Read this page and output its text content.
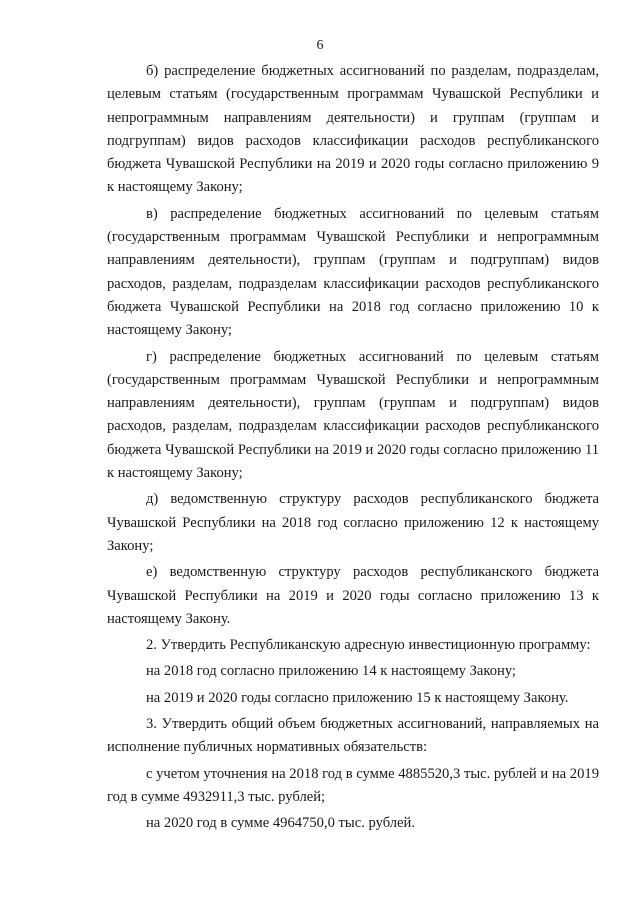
6

б) распределение бюджетных ассигнований по разделам, подразделам, целевым статьям (государственным программам Чувашской Республики и непрограммным направлениям деятельности) и группам (группам и подгруппам) видов расходов классификации расходов республиканского бюджета Чувашской Республики на 2019 и 2020 годы согласно приложению 9 к настоящему Закону;

в) распределение бюджетных ассигнований по целевым статьям (государственным программам Чувашской Республики и непрограммным направлениям деятельности), группам (группам и подгруппам) видов расходов, разделам, подразделам классификации расходов республиканского бюджета Чувашской Республики на 2018 год согласно приложению 10 к настоящему Закону;

г) распределение бюджетных ассигнований по целевым статьям (государственным программам Чувашской Республики и непрограммным направлениям деятельности), группам (группам и подгруппам) видов расходов, разделам, подразделам классификации расходов республиканского бюджета Чувашской Республики на 2019 и 2020 годы согласно приложению 11 к настоящему Закону;

д) ведомственную структуру расходов республиканского бюджета Чувашской Республики на 2018 год согласно приложению 12 к настоящему Закону;

е) ведомственную структуру расходов республиканского бюджета Чувашской Республики на 2019 и 2020 годы согласно приложению 13 к настоящему Закону.

2. Утвердить Республиканскую адресную инвестиционную программу:

на 2018 год согласно приложению 14 к настоящему Закону;

на 2019 и 2020 годы согласно приложению 15 к настоящему Закону.

3. Утвердить общий объем бюджетных ассигнований, направляемых на исполнение публичных нормативных обязательств:

с учетом уточнения на 2018 год в сумме 4885520,3 тыс. рублей и на 2019 год в сумме 4932911,3 тыс. рублей;

на 2020 год в сумме 4964750,0 тыс. рублей.
